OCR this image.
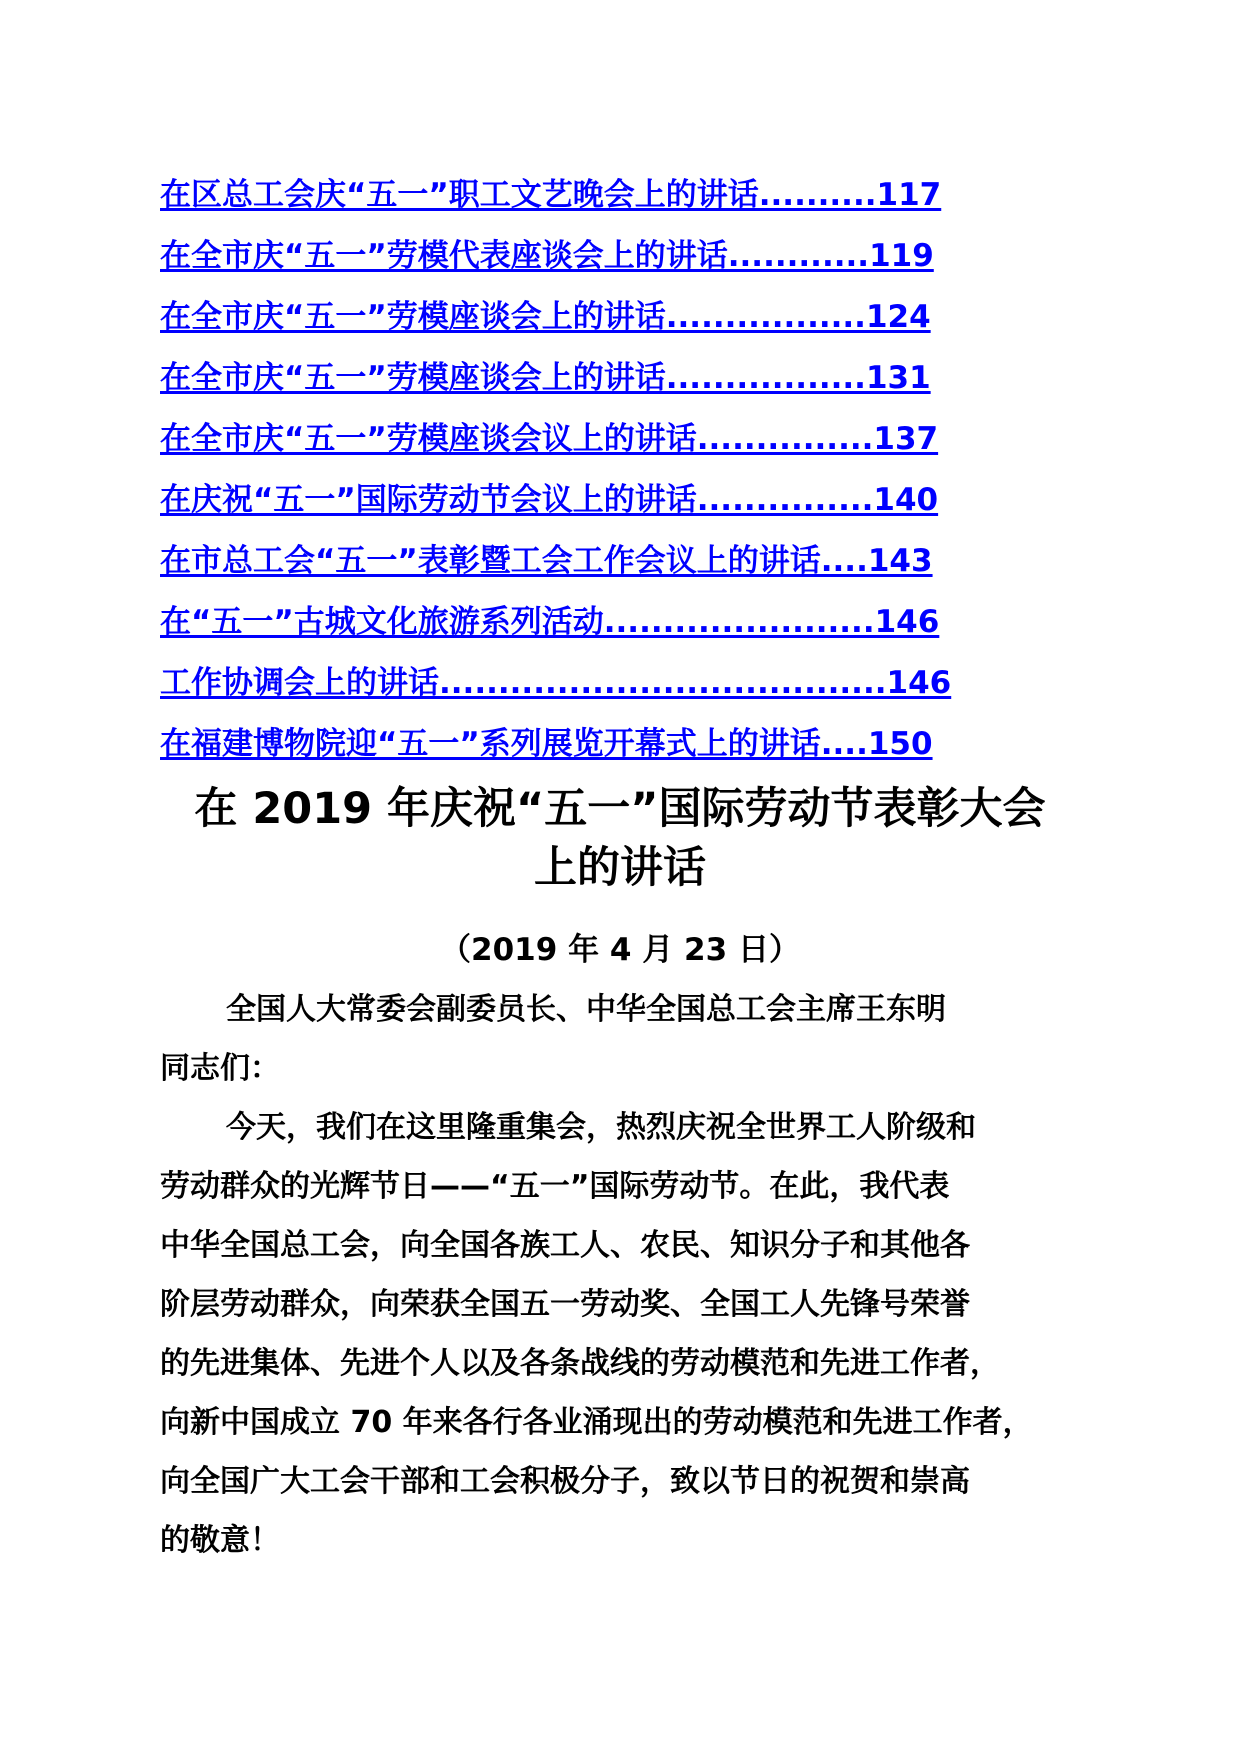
在区总工会庆“五一”职工文艺晚会上的讲话..........117
在全市庆“五一”劳模代表座谈会上的讲话............119
在全市庆“五一”劳模座谈会上的讲话.................124
在全市庆“五一”劳模座谈会上的讲话.................131
在全市庆“五一”劳模座谈会议上的讲话...............137
在庆祝“五一”国际劳动节会议上的讲话...............140
在市总工会“五一”表彰暨工会工作会议上的讲话....143
在“五一”古城文化旅游系列活动.......................146
工作协调会上的讲话......................................146
在福建博物院迎“五一”系列展览开幕式上的讲话....150
在 2019 年庆祝“五一”国际劳动节表彰大会
上的讲话

（2019 年 4 月 23 日）

全国人大常委会副委员长、中华全国总工会主席王东明
同志们：
今天，我们在这里隆重集会，热烈庆祝全世界工人阶级和
劳动群众的光辉节日——“五一”国际劳动节。在此，我代表
中华全国总工会，向全国各族工人、农民、知识分子和其他各
阶层劳动群众，向荣获全国五一劳动奖、全国工人先锋号荣誉
的先进集体、先进个人以及各条战线的劳动模范和先进工作者，
向新中国成立 70 年来各行各业涌现出的劳动模范和先进工作者，
向全国广大工会干部和工会积极分子，致以节日的祝贺和崇高
的敬意！
